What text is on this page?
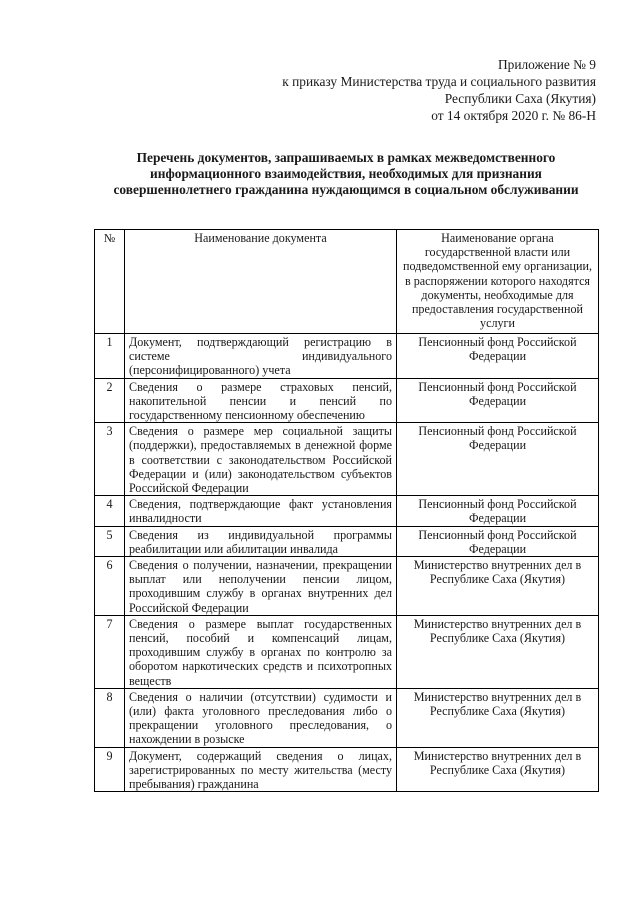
Приложение № 9
к приказу Министерства труда и социального развития
Республики Саха (Якутия)
от 14 октября 2020 г. № 86-Н
Перечень документов, запрашиваемых в рамках межведомственного информационного взаимодействия, необходимых для признания совершеннолетнего гражданина нуждающимся в социальном обслуживании
№	Наименование документа	Наименование органа государственной власти или подведомственной ему организации, в распоряжении которого находятся документы, необходимые для предоставления государственной услуги
1	Документ, подтверждающий регистрацию в системе индивидуального (персонифицированного) учета	Пенсионный фонд Российской Федерации
2	Сведения о размере страховых пенсий, накопительной пенсии и пенсий по государственному пенсионному обеспечению	Пенсионный фонд Российской Федерации
3	Сведения о размере мер социальной защиты (поддержки), предоставляемых в денежной форме в соответствии с законодательством Российской Федерации и (или) законодательством субъектов Российской Федерации	Пенсионный фонд Российской Федерации
4	Сведения, подтверждающие факт установления инвалидности	Пенсионный фонд Российской Федерации
5	Сведения из индивидуальной программы реабилитации или абилитации инвалида	Пенсионный фонд Российской Федерации
6	Сведения о получении, назначении, прекращении выплат или неполучении пенсии лицом, проходившим службу в органах внутренних дел Российской Федерации	Министерство внутренних дел в Республике Саха (Якутия)
7	Сведения о размере выплат государственных пенсий, пособий и компенсаций лицам, проходившим службу в органах по контролю за оборотом наркотических средств и психотропных веществ	Министерство внутренних дел в Республике Саха (Якутия)
8	Сведения о наличии (отсутствии) судимости и (или) факта уголовного преследования либо о прекращении уголовного преследования, о нахождении в розыске	Министерство внутренних дел в Республике Саха (Якутия)
9	Документ, содержащий сведения о лицах, зарегистрированных по месту жительства (месту пребывания) гражданина	Министерство внутренних дел в Республике Саха (Якутия)
